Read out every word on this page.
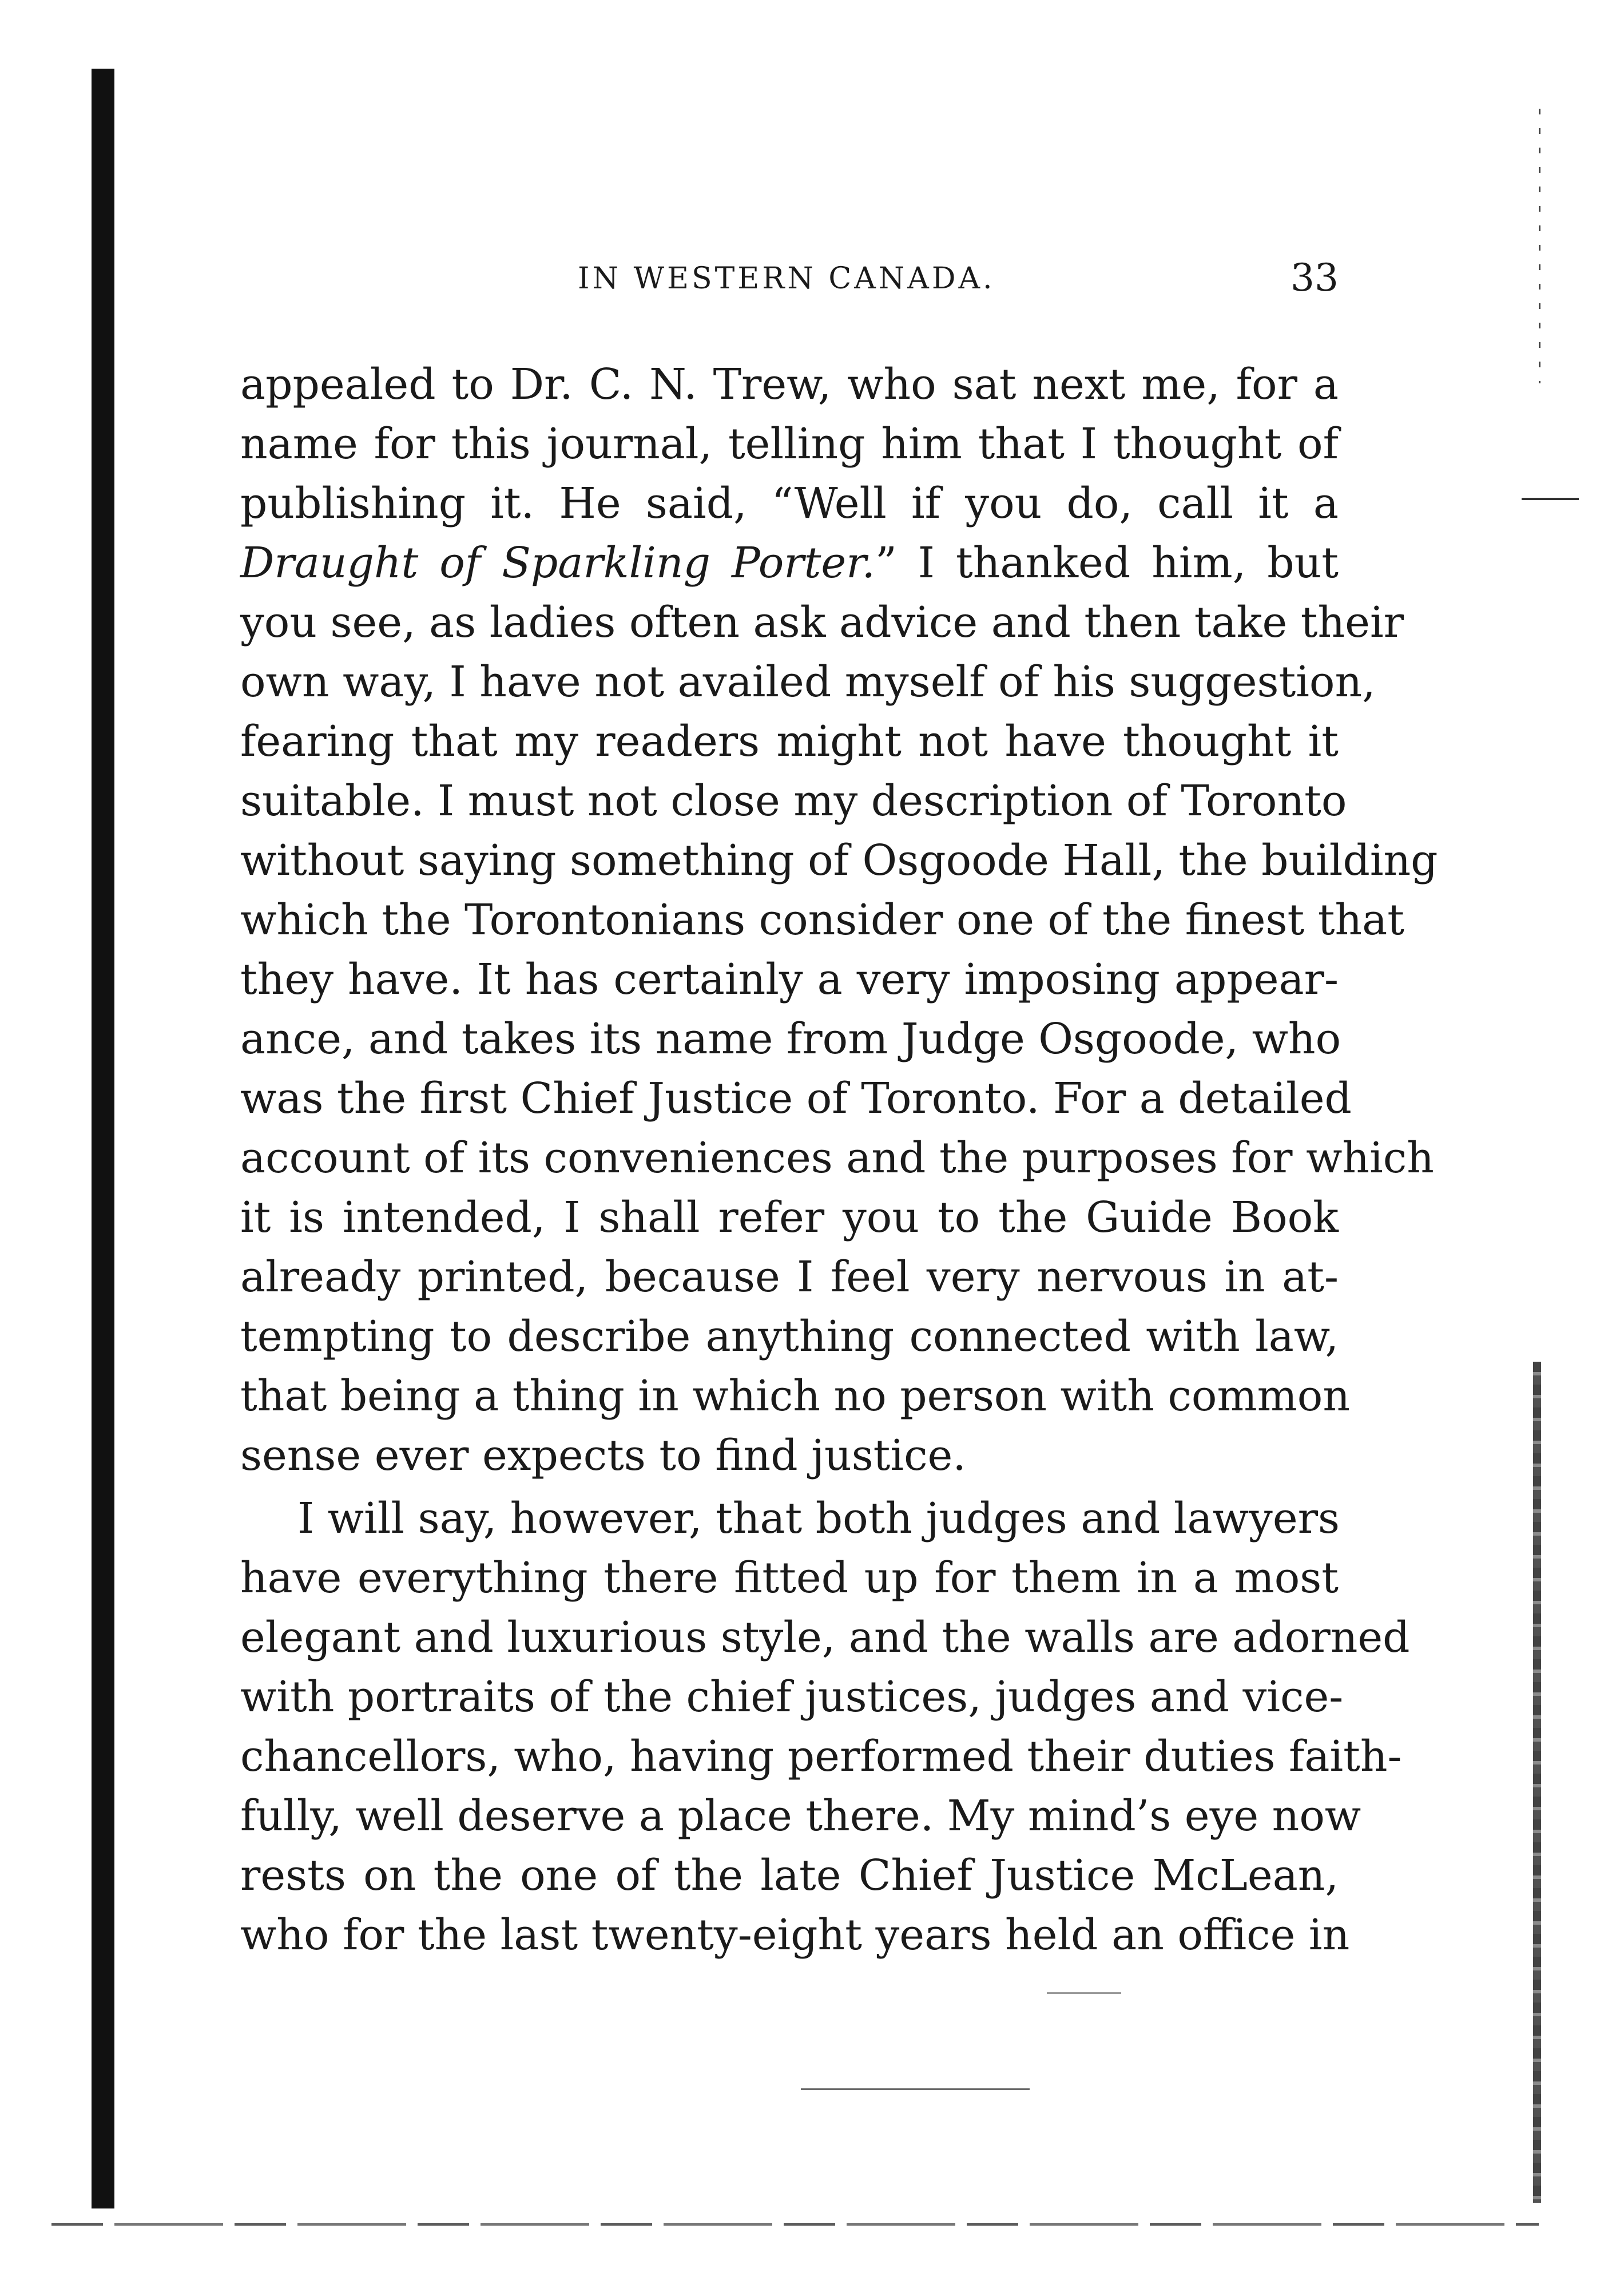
IN WESTERN CANADA.	33
appealed to Dr. C. N. Trew, who sat next me, for a
name for this journal, telling him that I thought of
publishing it. He said, “Well if you do, call it a
Draught of Sparkling Porter.” I thanked him, but
you see, as ladies often ask advice and then take their
own way, I have not availed myself of his suggestion,
fearing that my readers might not have thought it
suitable. I must not close my description of Toronto
without saying something of Osgoode Hall, the building
which the Torontonians consider one of the finest that
they have. It has certainly a very imposing appear-
ance, and takes its name from Judge Osgoode, who
was the first Chief Justice of Toronto. For a detailed
account of its conveniences and the purposes for which
it is intended, I shall refer you to the Guide Book
already printed, because I feel very nervous in at-
tempting to describe anything connected with law,
that being a thing in which no person with common
sense ever expects to find justice.
I will say, however, that both judges and lawyers
have everything there fitted up for them in a most
elegant and luxurious style, and the walls are adorned
with portraits of the chief justices, judges and vice-
chancellors, who, having performed their duties faith-
fully, well deserve a place there. My mind’s eye now
rests on the one of the late Chief Justice McLean,
who for the last twenty-eight years held an office in
